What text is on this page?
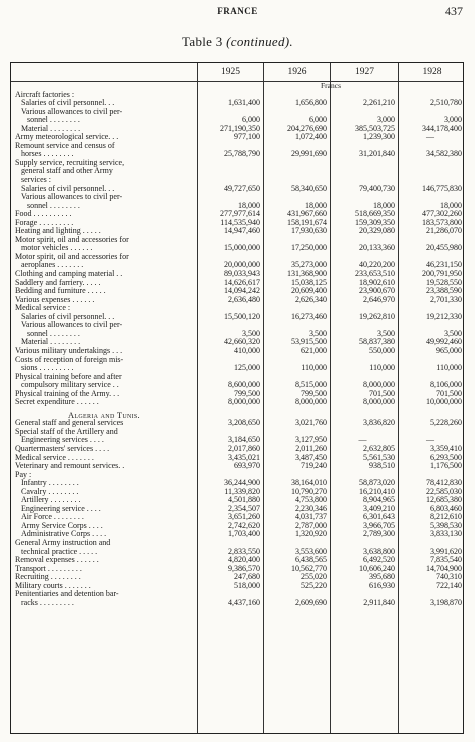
FRANCE	437
Table 3 (continued).
1925	1926	1927	1928
Francs
Aircraft factories :
Salaries of civil personnel. . .	1,631,400	1,656,800	2,261,210	2,510,780
Various allowances to civil per-
sonnel . . . . . . . .	6,000	6,000	3,000	3,000
Material . . . . . . . .	271,190,350	204,276,690	385,503,725	344,178,400
Army meteorological service. . .	977,100	1,072,400	1,239,300	—
Remount service and census of
horses . . . . . . . .	25,788,790	29,991,690	31,201,840	34,582,380
Supply service, recruiting service,
general staff and other Army
services :
Salaries of civil personnel. . .	49,727,650	58,340,650	79,400,730	146,775,830
Various allowances to civil per-
sonnel . . . . . . . .	18,000	18,000	18,000	18,000
Food . . . . . . . . . .	277,977,614	431,967,660	518,669,350	477,302,260
Forage . . . . . . . . .	114,535,940	158,191,674	159,309,350	183,573,800
Heating and lighting . . . . .	14,947,460	17,930,630	20,329,080	21,286,070
Motor spirit, oil and accessories for
motor vehicles . . . . . .	15,000,000	17,250,000	20,133,360	20,455,980
Motor spirit, oil and accessories for
aeroplanes . . . . . . .	20,000,000	35,273,000	40,220,200	46,231,150
Clothing and camping material . .	89,033,943	131,368,900	233,653,510	200,791,950
Saddlery and farriery. . . . .	14,626,617	15,038,125	18,902,610	19,528,550
Bedding and furniture . . . . .	14,094,242	20,609,400	23,900,670	23,388,590
Various expenses . . . . . .	2,636,480	2,626,340	2,646,970	2,701,330
Medical service :
Salaries of civil personnel. . .	15,500,120	16,273,460	19,262,810	19,212,330
Various allowances to civil per-
sonnel . . . . . . . .	3,500	3,500	3,500	3,500
Material . . . . . . . .	42,660,320	53,915,500	58,837,380	49,992,460
Various military undertakings . . .	410,000	621,000	550,000	965,000
Costs of reception of foreign mis-
sions . . . . . . . . .	125,000	110,000	110,000	110,000
Physical training before and after
compulsory military service . .	8,600,000	8,515,000	8,000,000	8,106,000
Physical training of the Army. . .	799,500	799,500	701,500	701,500
Secret expenditure . . . . . .	8,000,000	8,000,000	8,000,000	10,000,000
Algeria and Tunis.
General staff and general services	3,208,650	3,021,760	3,836,820	5,228,260
Special staff of the Artillery and
Engineering services . . . .	3,184,650	3,127,950	—	—
Quartermasters' services . . . .	2,017,860	2,011,260	2,632,805	3,359,410
Medical service . . . . . . .	3,435,021	3,487,450	5,561,530	6,293,500
Veterinary and remount services. .	693,970	719,240	938,510	1,176,500
Pay :
Infantry . . . . . . . .	36,244,900	38,164,010	58,873,020	78,412,830
Cavalry . . . . . . . .	11,339,820	10,790,270	16,210,410	22,585,030
Artillery . . . . . . . .	4,501,880	4,753,800	8,904,965	12,685,380
Engineering service . . . .	2,354,507	2,230,346	3,409,210	6,803,460
Air Force . . . . . . . .	3,651,260	4,031,737	6,301,643	8,212,610
Army Service Corps . . . .	2,742,620	2,787,000	3,966,705	5,398,530
Administrative Corps . . . .	1,703,400	1,320,920	2,789,300	3,833,130
General Army instruction and
technical practice . . . . .	2,833,550	3,553,600	3,638,800	3,991,620
Removal expenses . . . . . .	4,820,400	6,438,565	6,492,520	7,835,540
Transport . . . . . . . . .	9,386,570	10,562,770	10,606,240	14,704,900
Recruiting . . . . . . . .	247,680	255,020	395,680	740,310
Military courts . . . . . . .	518,000	525,220	616,930	722,140
Penitentiaries and detention bar-
racks . . . . . . . . .	4,437,160	2,609,690	2,911,840	3,198,870
